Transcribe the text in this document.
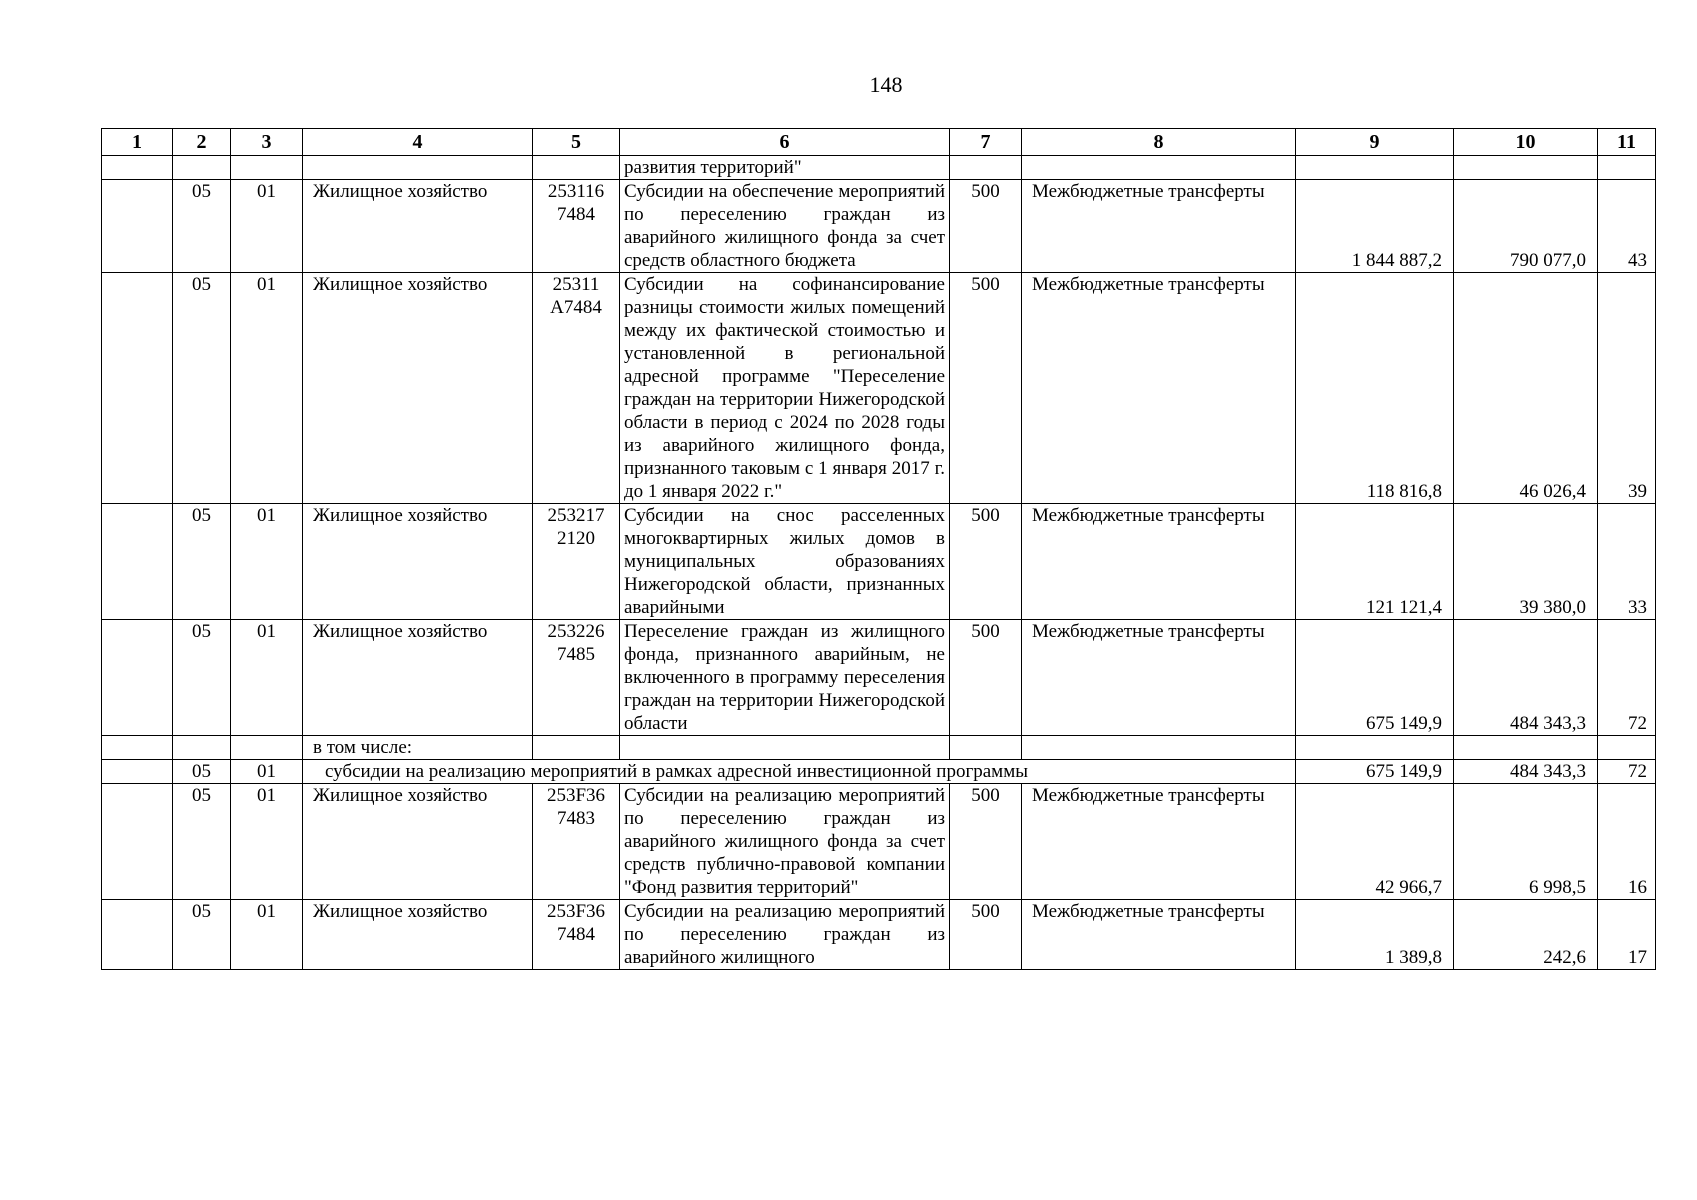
148
1	2	3	4	5	6	7	8	9	10	11
					развития территорий"					
	05	01	Жилищное хозяйство	253116 7484	Субсидии на обеспечение мероприятий по переселению граждан из аварийного жилищного фонда за счет средств областного бюджета	500	Межбюджетные трансферты	1 844 887,2	790 077,0	43
	05	01	Жилищное хозяйство	25311 А7484	Субсидии на софинансирование разницы стоимости жилых помещений между их фактической стоимостью и установленной в региональной адресной программе "Переселение граждан на территории Нижегородской области в период с 2024 по 2028 годы из аварийного жилищного фонда, признанного таковым с 1 января 2017 г. до 1 января 2022 г."	500	Межбюджетные трансферты	118 816,8	46 026,4	39
	05	01	Жилищное хозяйство	253217 2120	Субсидии на снос расселенных многоквартирных жилых домов в муниципальных образованиях Нижегородской области, признанных аварийными	500	Межбюджетные трансферты	121 121,4	39 380,0	33
	05	01	Жилищное хозяйство	253226 7485	Переселение граждан из жилищного фонда, признанного аварийным, не включенного в программу переселения граждан на территории Нижегородской области	500	Межбюджетные трансферты	675 149,9	484 343,3	72
			в том числе:							
	05	01	субсидии на реализацию мероприятий в рамках адресной инвестиционной программы					675 149,9	484 343,3	72
	05	01	Жилищное хозяйство	253F36 7483	Субсидии на реализацию мероприятий по переселению граждан из аварийного жилищного фонда за счет средств публично-правовой компании "Фонд развития территорий"	500	Межбюджетные трансферты	42 966,7	6 998,5	16
	05	01	Жилищное хозяйство	253F36 7484	Субсидии на реализацию мероприятий по переселению граждан из аварийного жилищного	500	Межбюджетные трансферты	1 389,8	242,6	17
